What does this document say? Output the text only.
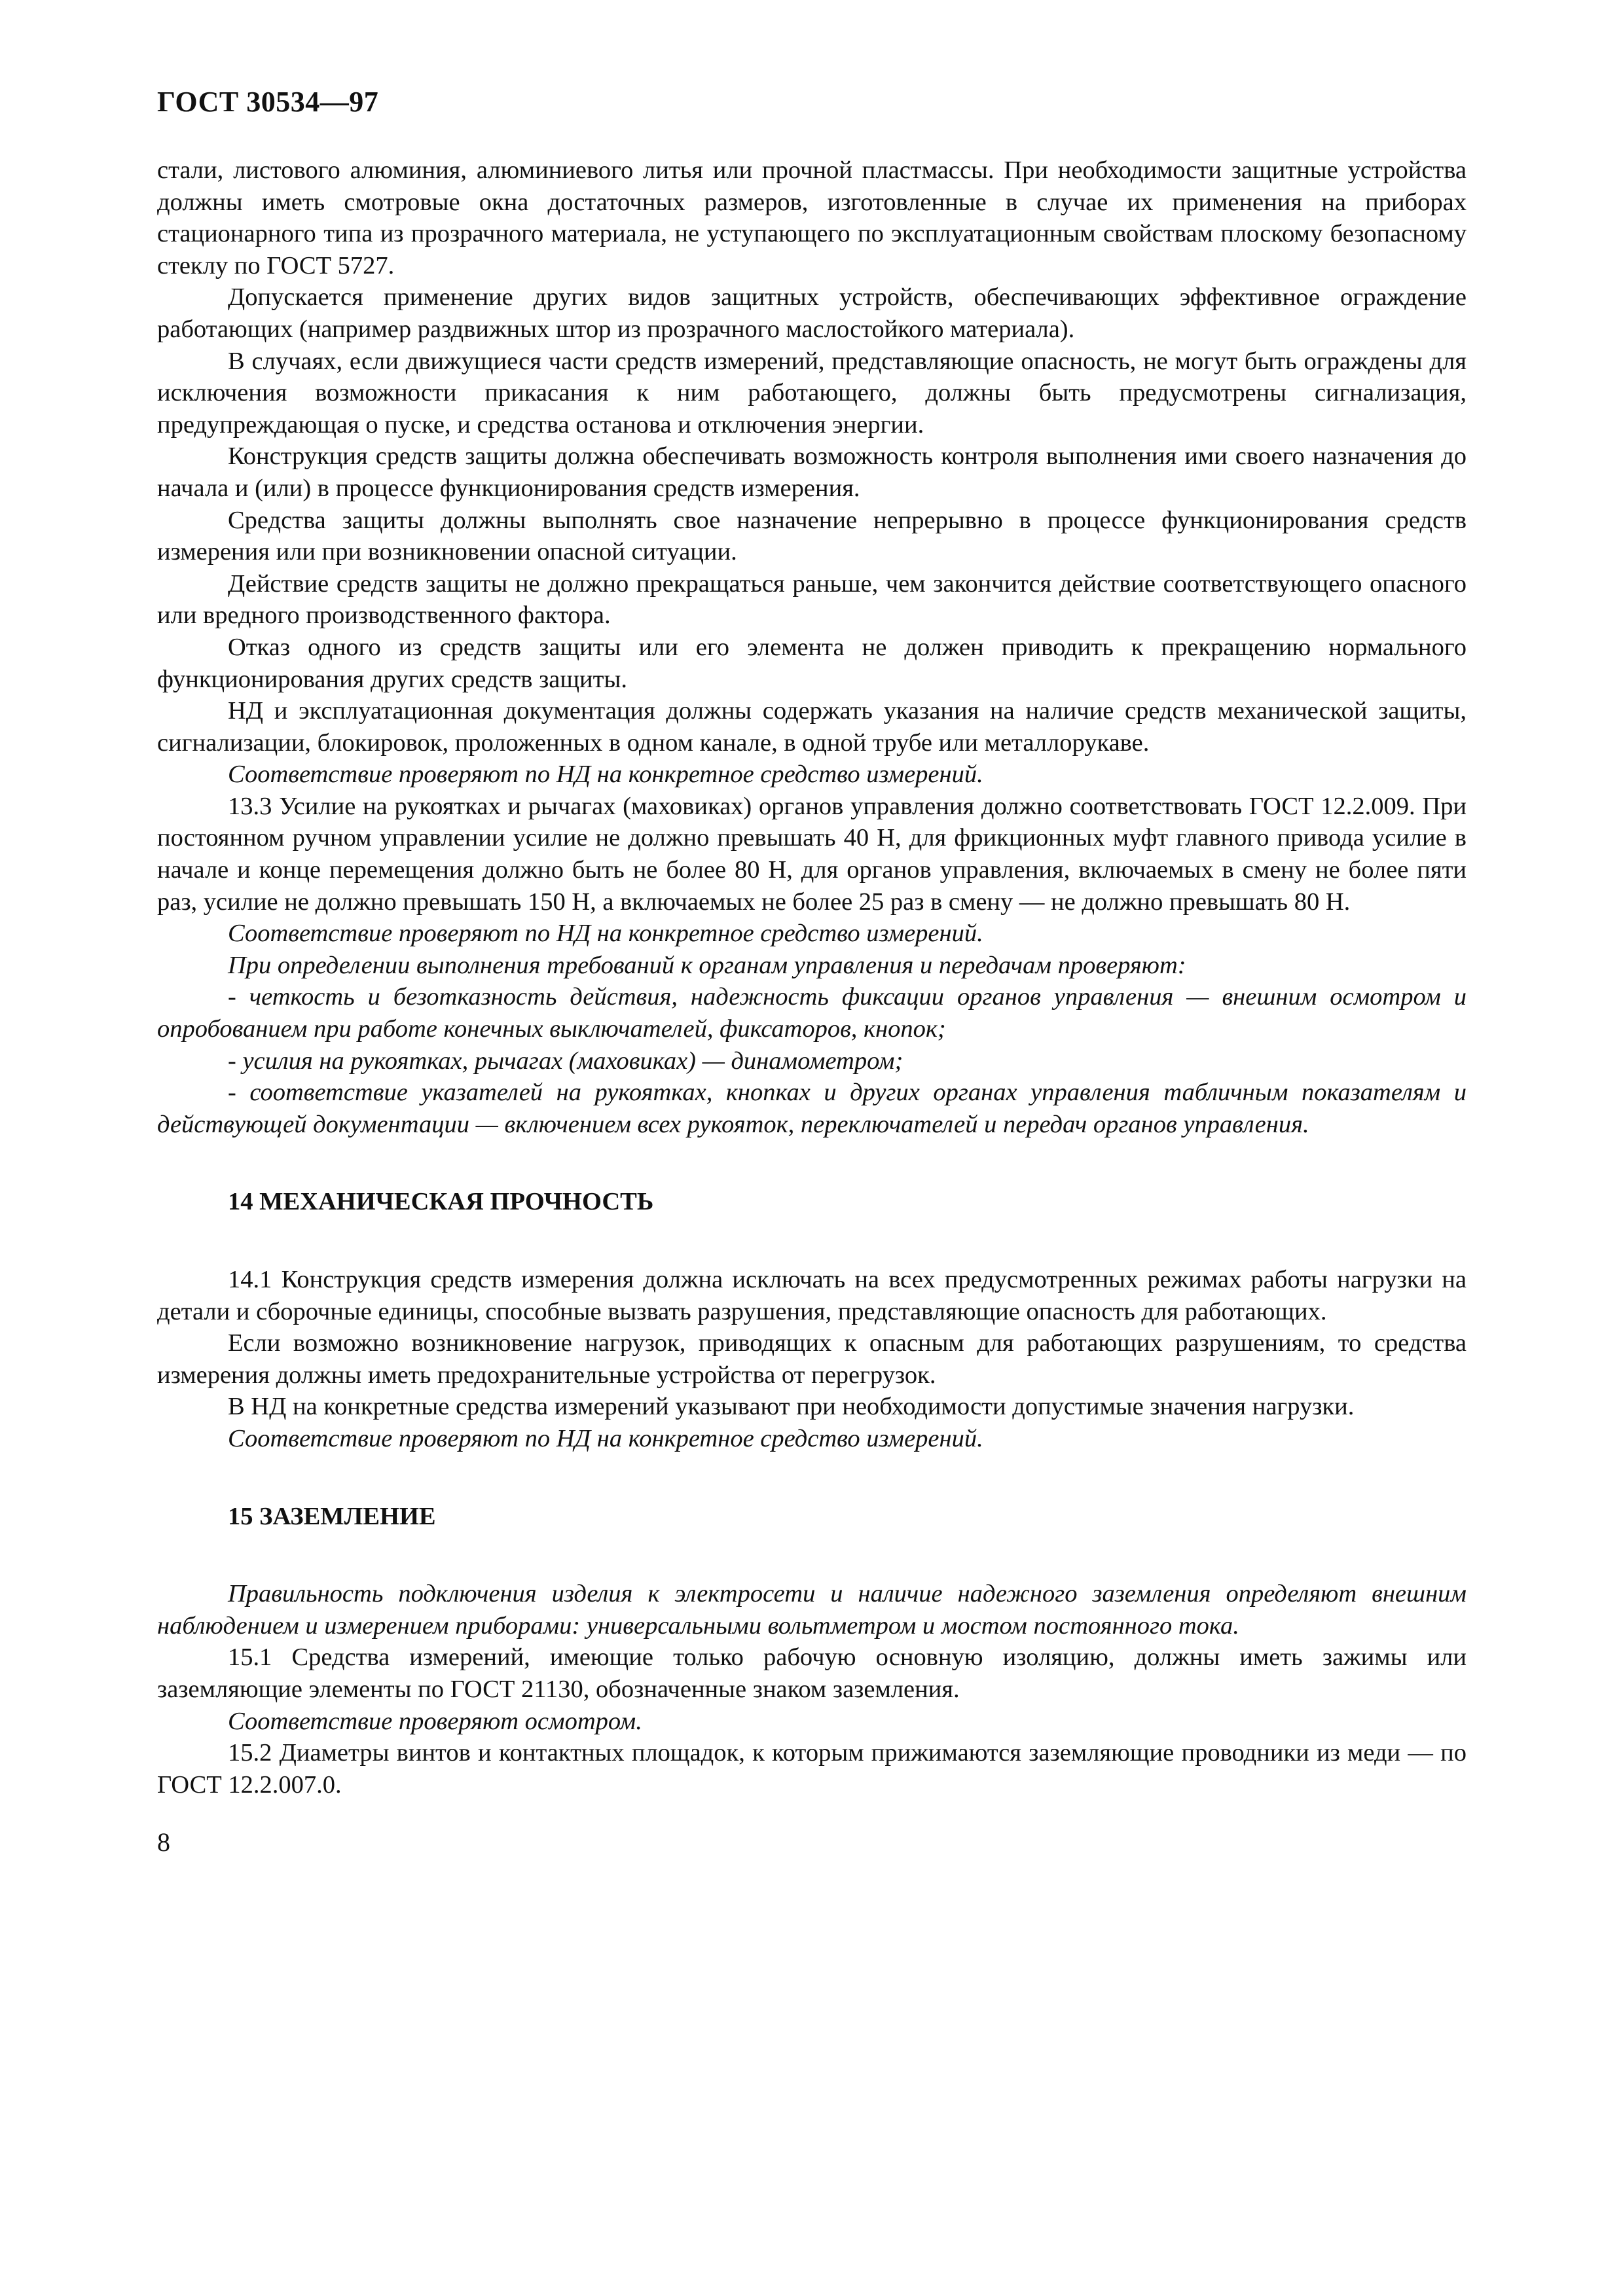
ГОСТ 30534—97

стали, листового алюминия, алюминиевого литья или прочной пластмассы. При необходимости защитные устройства должны иметь смотровые окна достаточных размеров, изготовленные в случае их применения на приборах стационарного типа из прозрачного материала, не уступающего по эксплуатационным свойствам плоскому безопасному стеклу по ГОСТ 5727.

Допускается применение других видов защитных устройств, обеспечивающих эффективное ограждение работающих (например раздвижных штор из прозрачного маслостойкого материала).

В случаях, если движущиеся части средств измерений, представляющие опасность, не могут быть ограждены для исключения возможности прикасания к ним работающего, должны быть предусмотрены сигнализация, предупреждающая о пуске, и средства останова и отключения энергии.

Конструкция средств защиты должна обеспечивать возможность контроля выполнения ими своего назначения до начала и (или) в процессе функционирования средств измерения.

Средства защиты должны выполнять свое назначение непрерывно в процессе функционирования средств измерения или при возникновении опасной ситуации.

Действие средств защиты не должно прекращаться раньше, чем закончится действие соответствующего опасного или вредного производственного фактора.

Отказ одного из средств защиты или его элемента не должен приводить к прекращению нормального функционирования других средств защиты.

НД и эксплуатационная документация должны содержать указания на наличие средств механической защиты, сигнализации, блокировок, проложенных в одном канале, в одной трубе или металлорукаве.

Соответствие проверяют по НД на конкретное средство измерений.

13.3 Усилие на рукоятках и рычагах (маховиках) органов управления должно соответствовать ГОСТ 12.2.009. При постоянном ручном управлении усилие не должно превышать 40 Н, для фрикционных муфт главного привода усилие в начале и конце перемещения должно быть не более 80 Н, для органов управления, включаемых в смену не более пяти раз, усилие не должно превышать 150 Н, а включаемых не более 25 раз в смену — не должно превышать 80 Н.

Соответствие проверяют по НД на конкретное средство измерений.

При определении выполнения требований к органам управления и передачам проверяют:

- четкость и безотказность действия, надежность фиксации органов управления — внешним осмотром и опробованием при работе конечных выключателей, фиксаторов, кнопок;

- усилия на рукоятках, рычагах (маховиках) — динамометром;

- соответствие указателей на рукоятках, кнопках и других органах управления табличным показателям и действующей документации — включением всех рукояток, переключателей и передач органов управления.

14 МЕХАНИЧЕСКАЯ ПРОЧНОСТЬ

14.1 Конструкция средств измерения должна исключать на всех предусмотренных режимах работы нагрузки на детали и сборочные единицы, способные вызвать разрушения, представляющие опасность для работающих.

Если возможно возникновение нагрузок, приводящих к опасным для работающих разрушениям, то средства измерения должны иметь предохранительные устройства от перегрузок.

В НД на конкретные средства измерений указывают при необходимости допустимые значения нагрузки.

Соответствие проверяют по НД на конкретное средство измерений.

15 ЗАЗЕМЛЕНИЕ

Правильность подключения изделия к электросети и наличие надежного заземления определяют внешним наблюдением и измерением приборами: универсальными вольтметром и мостом постоянного тока.

15.1 Средства измерений, имеющие только рабочую основную изоляцию, должны иметь зажимы или заземляющие элементы по ГОСТ 21130, обозначенные знаком заземления.

Соответствие проверяют осмотром.

15.2 Диаметры винтов и контактных площадок, к которым прижимаются заземляющие проводники из меди — по ГОСТ 12.2.007.0.

8
